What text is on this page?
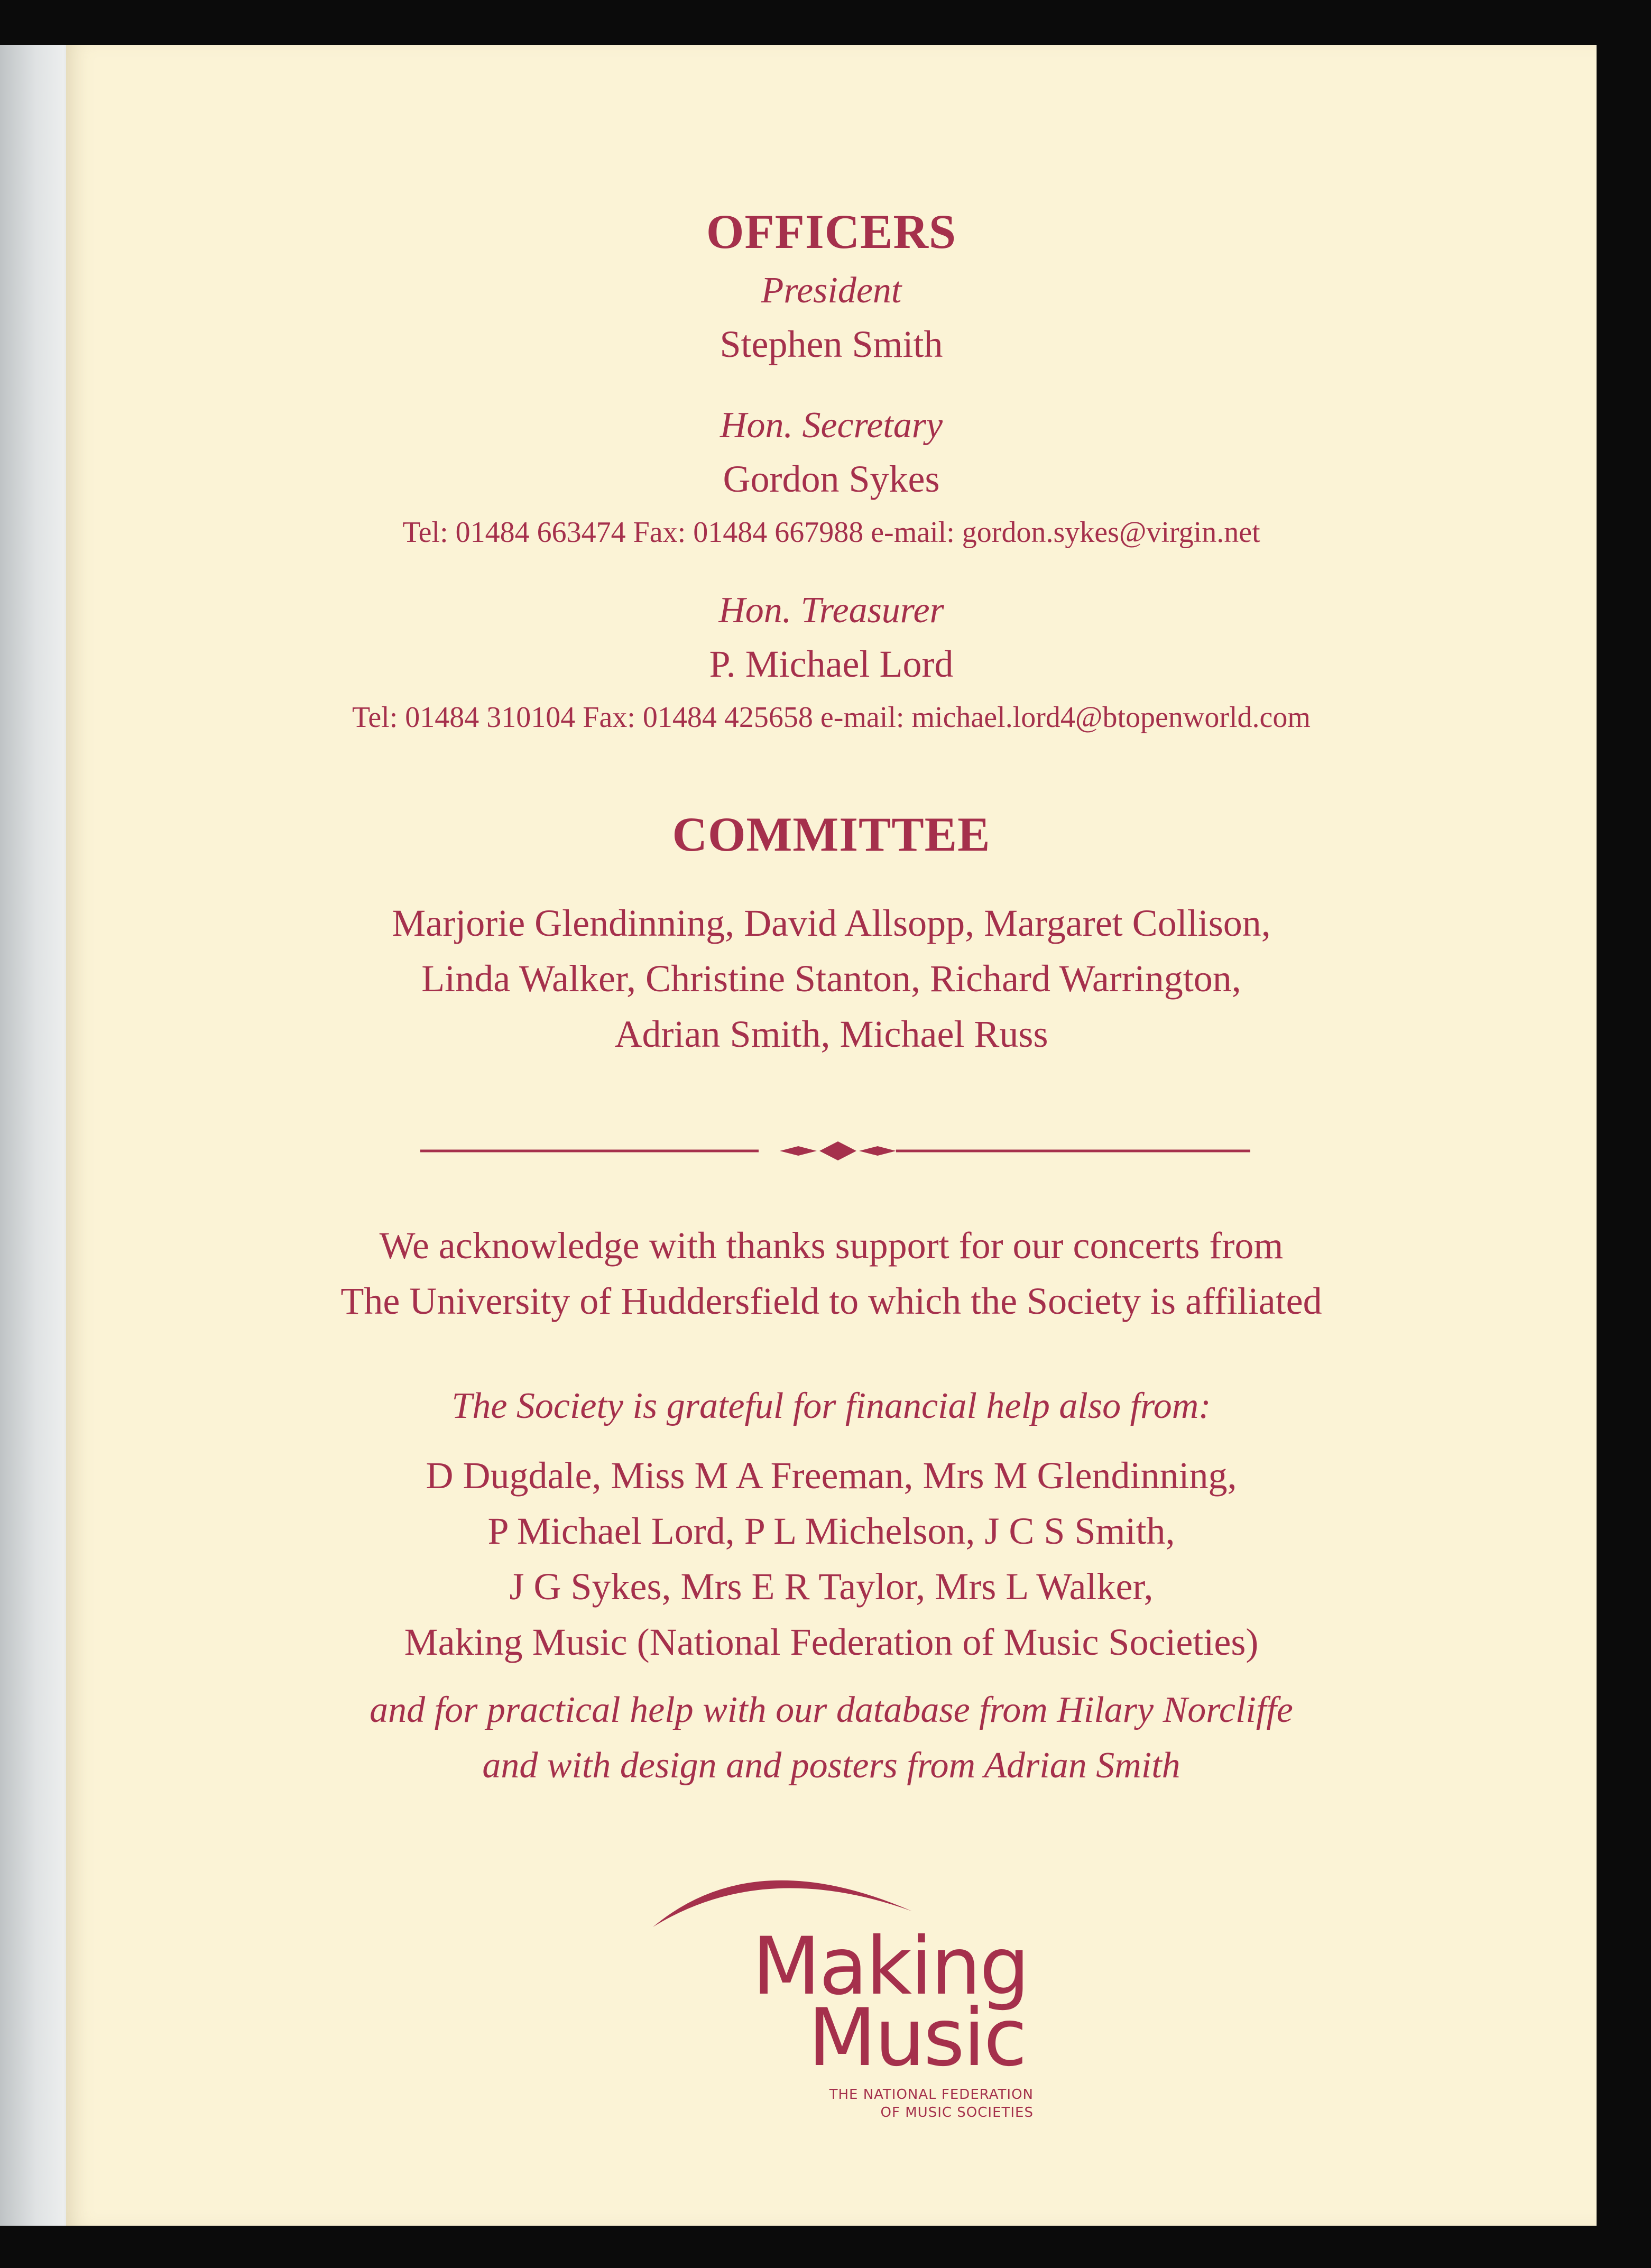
OFFICERS
President
Stephen Smith
Hon. Secretary
Gordon Sykes
Tel: 01484 663474 Fax: 01484 667988 e-mail: gordon.sykes@virgin.net
Hon. Treasurer
P. Michael Lord
Tel: 01484 310104 Fax: 01484 425658 e-mail: michael.lord4@btopenworld.com
COMMITTEE
Marjorie Glendinning, David Allsopp, Margaret Collison,
Linda Walker, Christine Stanton, Richard Warrington,
Adrian Smith, Michael Russ
We acknowledge with thanks support for our concerts from
The University of Huddersfield to which the Society is affiliated
The Society is grateful for financial help also from:
D Dugdale, Miss M A Freeman, Mrs M Glendinning,
P Michael Lord, P L Michelson, J C S Smith,
J G Sykes, Mrs E R Taylor, Mrs L Walker,
Making Music (National Federation of Music Societies)
and for practical help with our database from Hilary Norcliffe
and with design and posters from Adrian Smith
Making
Music
THE NATIONAL FEDERATION
OF MUSIC SOCIETIES
